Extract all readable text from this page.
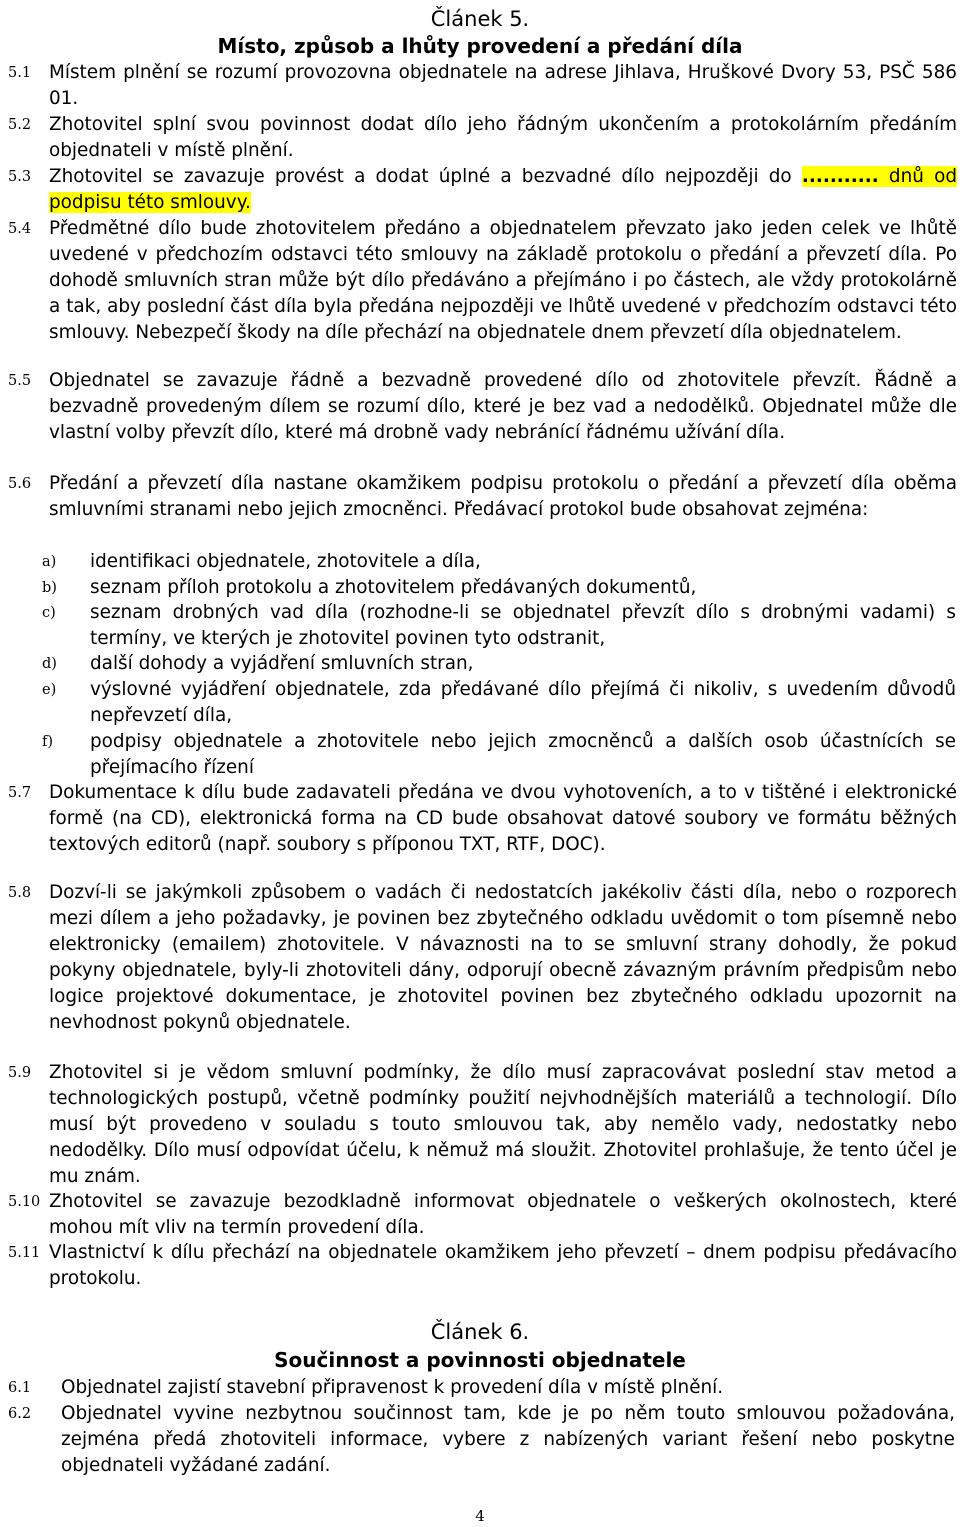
Článek 5.
Místo, způsob a lhůty provedení a předání díla
5.1 Místem plnění se rozumí provozovna objednatele na adrese Jihlava, Hruškové Dvory 53, PSČ 586 01.
5.2 Zhotovitel splní svou povinnost dodat dílo jeho řádným ukončením a protokolárním předáním objednateli v místě plnění.
5.3 Zhotovitel se zavazuje provést a dodat úplné a bezvadné dílo nejpozději do ........... dnů od podpisu této smlouvy.
5.4 Předmětné dílo bude zhotovitelem předáno a objednatelem převzato jako jeden celek ve lhůtě uvedené v předchozím odstavci této smlouvy na základě protokolu o předání a převzetí díla. Po dohodě smluvních stran může být dílo předáváno a přejímáno i po částech, ale vždy protokolárně a tak, aby poslední část díla byla předána nejpozději ve lhůtě uvedené v předchozím odstavci této smlouvy. Nebezpečí škody na díle přechází na objednatele dnem převzetí díla objednatelem.
5.5 Objednatel se zavazuje řádně a bezvadně provedené dílo od zhotovitele převzít. Řádně a bezvadně provedeným dílem se rozumí dílo, které je bez vad a nedodělků. Objednatel může dle vlastní volby převzít dílo, které má drobně vady nebránící řádnému užívání díla.
5.6 Předání a převzetí díla nastane okamžikem podpisu protokolu o předání a převzetí díla oběma smluvními stranami nebo jejich zmocněnci. Předávací protokol bude obsahovat zejména:
a) identifikaci objednatele, zhotovitele a díla,
b) seznam příloh protokolu a zhotovitelem předávaných dokumentů,
c) seznam drobných vad díla (rozhodne-li se objednatel převzít dílo s drobnými vadami) s termíny, ve kterých je zhotovitel povinen tyto odstranit,
d) další dohody a vyjádření smluvních stran,
e) výslovné vyjádření objednatele, zda předávané dílo přejímá či nikoliv, s uvedením důvodů nepřevzetí díla,
f) podpisy objednatele a zhotovitele nebo jejich zmocněnců a dalších osob účastnících se přejímacího řízení
5.7 Dokumentace k dílu bude zadavateli předána ve dvou vyhotoveních, a to v tištěné i elektronické formě (na CD), elektronická forma na CD bude obsahovat datové soubory ve formátu běžných textových editorů (např. soubory s příponou TXT, RTF, DOC).
5.8 Dozví-li se jakýmkoli způsobem o vadách či nedostatcích jakékoliv části díla, nebo o rozporech mezi dílem a jeho požadavky, je povinen bez zbytečného odkladu uvědomit o tom písemně nebo elektronicky (emailem) zhotovitele. V návaznosti na to se smluvní strany dohodly, že pokud pokyny objednatele, byly-li zhotoviteli dány, odporují obecně závazným právním předpisům nebo logice projektové dokumentace, je zhotovitel povinen bez zbytečného odkladu upozornit na nevhodnost pokynů objednatele.
5.9 Zhotovitel si je vědom smluvní podmínky, že dílo musí zapracovávat poslední stav metod a technologických postupů, včetně podmínky použití nejvhodnějších materiálů a technologií. Dílo musí být provedeno v souladu s touto smlouvou tak, aby nemělo vady, nedostatky nebo nedodělky. Dílo musí odpovídat účelu, k němuž má sloužit. Zhotovitel prohlašuje, že tento účel je mu znám.
5.10 Zhotovitel se zavazuje bezodkladně informovat objednatele o veškerých okolnostech, které mohou mít vliv na termín provedení díla.
5.11 Vlastnictví k dílu přechází na objednatele okamžikem jeho převzetí – dnem podpisu předávacího protokolu.
Článek 6.
Součinnost a povinnosti objednatele
6.1 Objednatel zajistí stavební připravenost k provedení díla v místě plnění.
6.2 Objednatel vyvine nezbytnou součinnost tam, kde je po něm touto smlouvou požadována, zejména předá zhotoviteli informace, vybere z nabízených variant řešení nebo poskytne objednateli vyžádané zadání.
4
